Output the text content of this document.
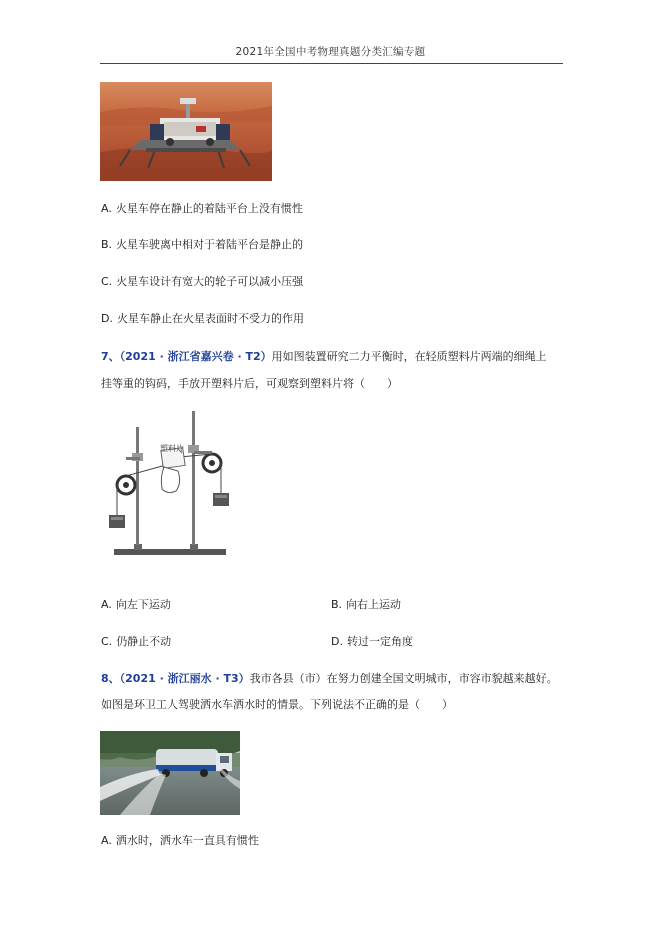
2021年全国中考物理真题分类汇编专题
A. 火星车停在静止的着陆平台上没有惯性
B. 火星车驶离中相对于着陆平台是静止的
C. 火星车设计有宽大的轮子可以减小压强
D. 火星车静止在火星表面时不受力的作用
7、（2021 · 浙江省嘉兴卷 · T2）用如图装置研究二力平衡时，在轻质塑料片两端的细绳上
挂等重的钩码，手放开塑料片后，可观察到塑料片将（　　）
塑料片
A. 向左下运动	B. 向右上运动
C. 仍静止不动	D. 转过一定角度
8、（2021 · 浙江丽水 · T3）我市各县（市）在努力创建全国文明城市，市容市貌越来越好。
如图是环卫工人驾驶洒水车洒水时的情景。下列说法不正确的是（　　）
A. 洒水时，洒水车一直具有惯性
